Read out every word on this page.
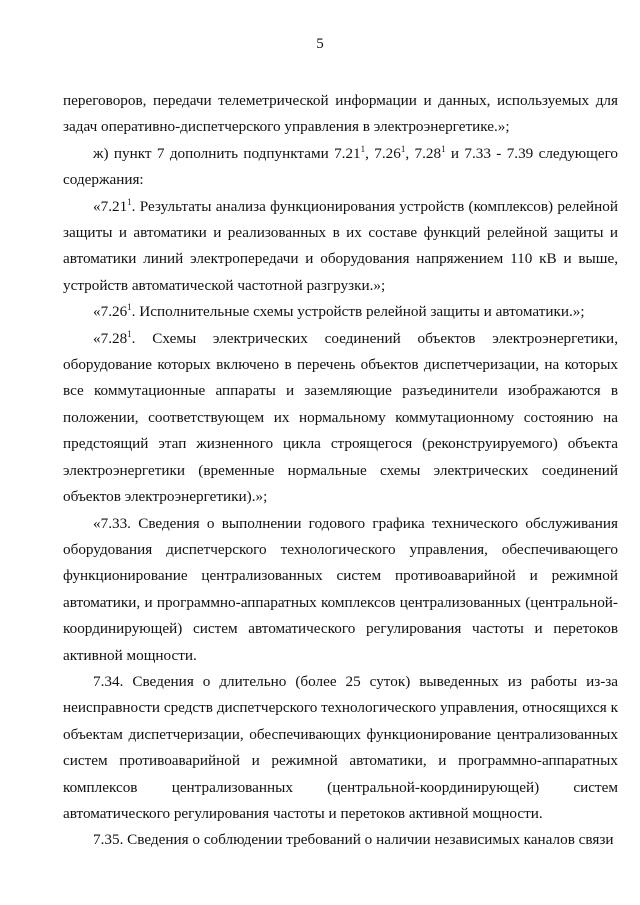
5

переговоров, передачи телеметрической информации и данных, используемых для задач оперативно-диспетчерского управления в электроэнергетике.»;

ж) пункт 7 дополнить подпунктами 7.21$^1$, 7.26$^1$, 7.28$^1$ и 7.33 - 7.39 следующего содержания:

«7.21$^1$. Результаты анализа функционирования устройств (комплексов) релейной защиты и автоматики и реализованных в их составе функций релейной защиты и автоматики линий электропередачи и оборудования напряжением 110 кВ и выше, устройств автоматической частотной разгрузки.»;

«7.26$^1$. Исполнительные схемы устройств релейной защиты и автоматики.»;

«7.28$^1$. Схемы электрических соединений объектов электроэнергетики, оборудование которых включено в перечень объектов диспетчеризации, на которых все коммутационные аппараты и заземляющие разъединители изображаются в положении, соответствующем их нормальному коммутационному состоянию на предстоящий этап жизненного цикла строящегося (реконструируемого) объекта электроэнергетики (временные нормальные схемы электрических соединений объектов электроэнергетики).»;

«7.33. Сведения о выполнении годового графика технического обслуживания оборудования диспетчерского технологического управления, обеспечивающего функционирование централизованных систем противоаварийной и режимной автоматики, и программно-аппаратных комплексов централизованных (центральной-координирующей) систем автоматического регулирования частоты и перетоков активной мощности.

7.34. Сведения о длительно (более 25 суток) выведенных из работы из-за неисправности средств диспетчерского технологического управления, относящихся к объектам диспетчеризации, обеспечивающих функционирование централизованных систем противоаварийной и режимной автоматики, и программно-аппаратных комплексов централизованных (центральной-координирующей) систем автоматического регулирования частоты и перетоков активной мощности.

7.35. Сведения о соблюдении требований о наличии независимых каналов связи
